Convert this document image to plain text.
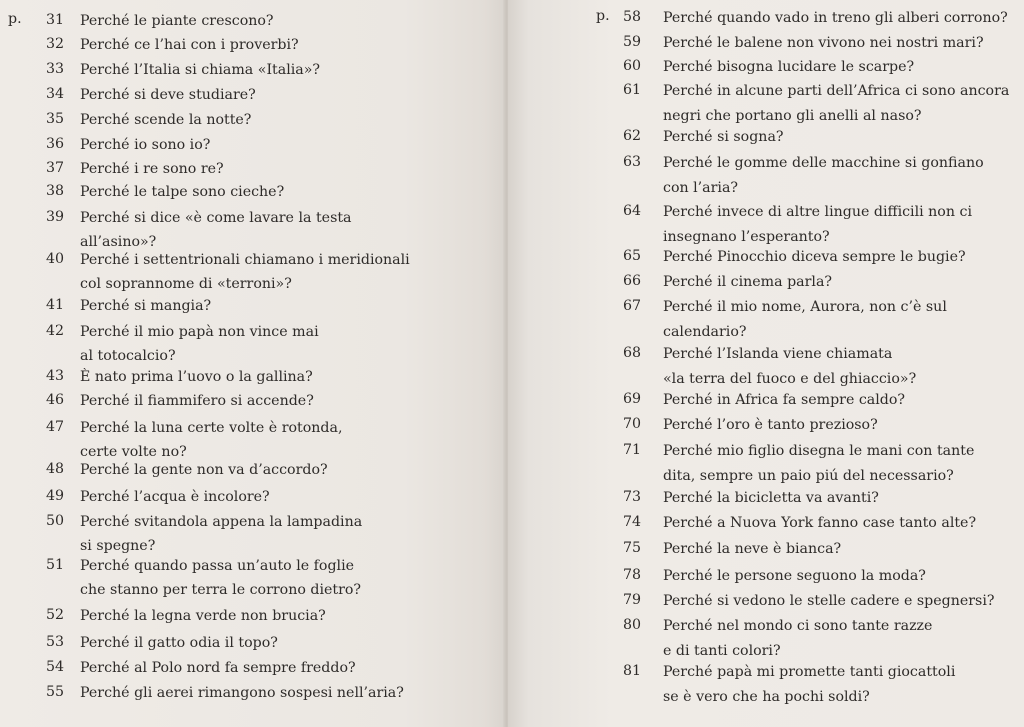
p.	31 Perché le piante crescono?
32 Perché ce l’hai con i proverbi?
33 Perché l’Italia si chiama «Italia»?
34 Perché si deve studiare?
35 Perché scende la notte?
36 Perché io sono io?
37 Perché i re sono re?
38 Perché le talpe sono cieche?
39 Perché si dice «è come lavare la testa
all’asino»?
40 Perché i settentrionali chiamano i meridionali
col soprannome di «terroni»?
41 Perché si mangia?
42 Perché il mio papà non vince mai
al totocalcio?
43 È nato prima l’uovo o la gallina?
46 Perché il fiammifero si accende?
47 Perché la luna certe volte è rotonda,
certe volte no?
48 Perché la gente non va d’accordo?
49 Perché l’acqua è incolore?
50 Perché svitandola appena la lampadina
si spegne?
51 Perché quando passa un’auto le foglie
che stanno per terra le corrono dietro?
52 Perché la legna verde non brucia?
53 Perché il gatto odia il topo?
54 Perché al Polo nord fa sempre freddo?
55 Perché gli aerei rimangono sospesi nell’aria?
p. 58 Perché quando vado in treno gli alberi corrono?
59 Perché le balene non vivono nei nostri mari?
60 Perché bisogna lucidare le scarpe?
61 Perché in alcune parti dell’Africa ci sono ancora
negri che portano gli anelli al naso?
62 Perché si sogna?
63 Perché le gomme delle macchine si gonfiano
con l’aria?
64 Perché invece di altre lingue difficili non ci
insegnano l’esperanto?
65 Perché Pinocchio diceva sempre le bugie?
66 Perché il cinema parla?
67 Perché il mio nome, Aurora, non c’è sul
calendario?
68 Perché l’Islanda viene chiamata
«la terra del fuoco e del ghiaccio»?
69 Perché in Africa fa sempre caldo?
70 Perché l’oro è tanto prezioso?
71 Perché mio figlio disegna le mani con tante
dita, sempre un paio piú del necessario?
73 Perché la bicicletta va avanti?
74 Perché a Nuova York fanno case tanto alte?
75 Perché la neve è bianca?
78 Perché le persone seguono la moda?
79 Perché si vedono le stelle cadere e spegnersi?
80 Perché nel mondo ci sono tante razze
e di tanti colori?
81 Perché papà mi promette tanti giocattoli
se è vero che ha pochi soldi?
